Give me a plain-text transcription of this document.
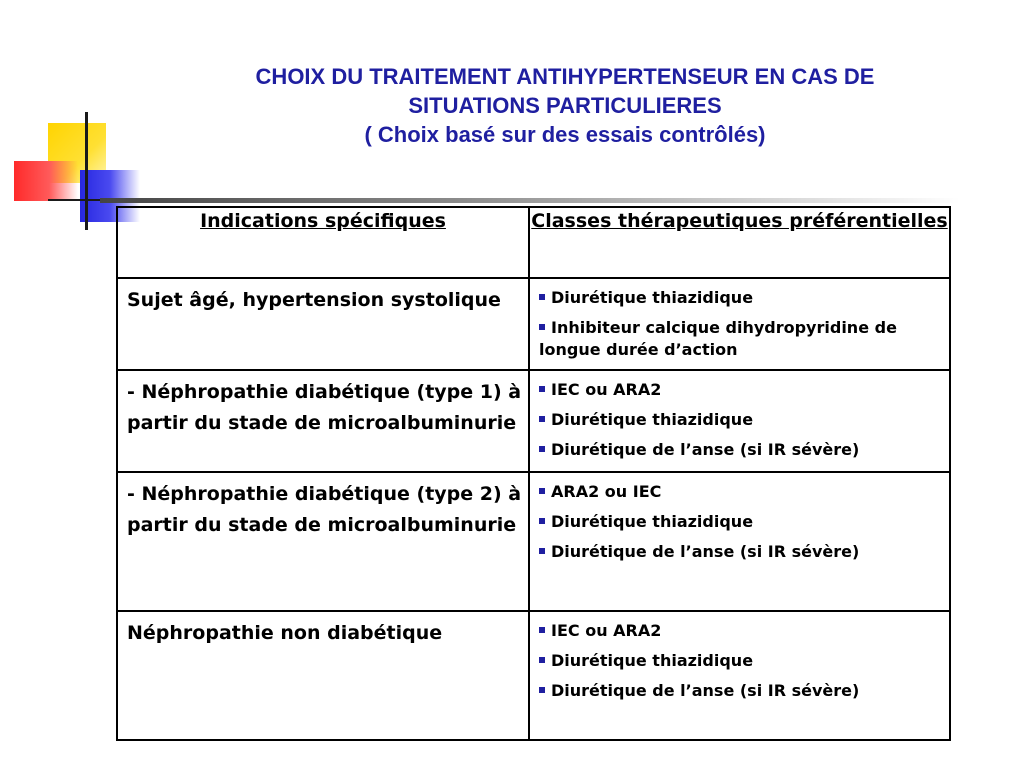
CHOIX DU TRAITEMENT ANTIHYPERTENSEUR EN CAS DE
SITUATIONS PARTICULIERES
( Choix basé sur des essais contrôlés)
Indications spécifiques	Classes thérapeutiques préférentielles
Sujet âgé, hypertension systolique	Diurétique thiazidique
Inhibiteur calcique dihydropyridine de longue durée d’action

- Néphropathie diabétique (type 1) à partir du stade de microalbuminurie	IEC ou ARA2
Diurétique thiazidique
Diurétique de l’anse (si IR sévère)

- Néphropathie diabétique (type 2) à partir du stade de microalbuminurie	ARA2 ou IEC
Diurétique thiazidique
Diurétique de l’anse (si IR sévère)

Néphropathie non diabétique	IEC ou ARA2
Diurétique thiazidique
Diurétique de l’anse (si IR sévère)
